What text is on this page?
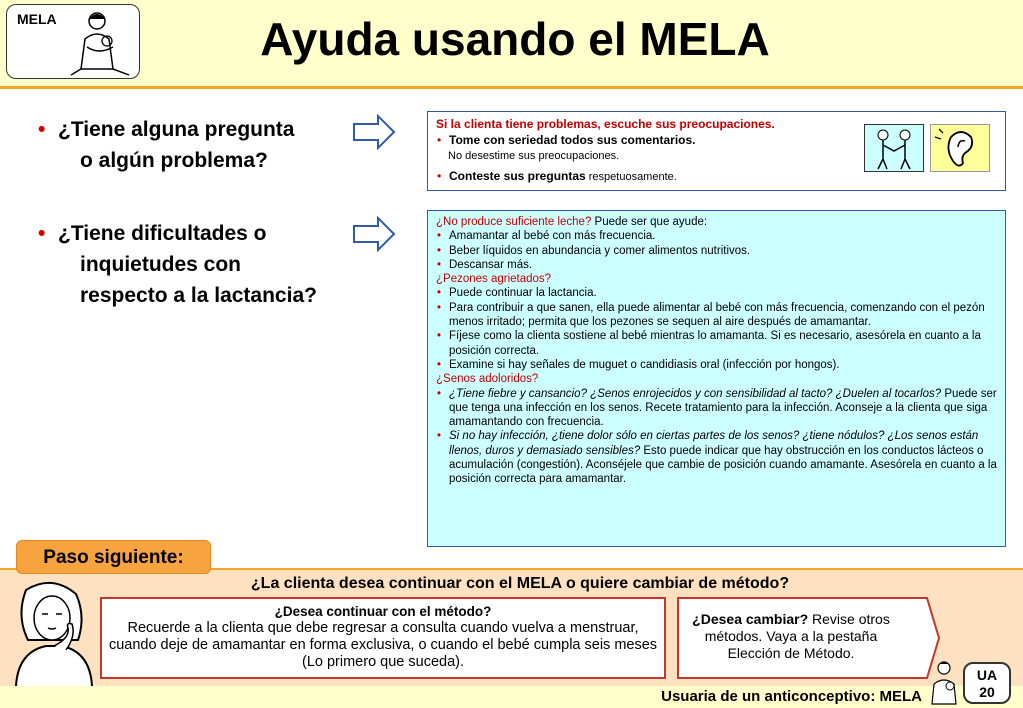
MELA	Ayuda usando el MELA
• ¿Tiene alguna pregunta
o algún problema?
• ¿Tiene dificultades o
inquietudes con
respecto a la lactancia?
Si la clienta tiene problemas, escuche sus preocupaciones.
• Tome con seriedad todos sus comentarios.
No desestime sus preocupaciones.
• Conteste sus preguntas respetuosamente.
¿No produce suficiente leche? Puede ser que ayude:
• Amamantar al bebé con más frecuencia.
• Beber líquidos en abundancia y comer alimentos nutritivos.
• Descansar más.
¿Pezones agrietados?
• Puede continuar la lactancia.
• Para contribuir a que sanen, ella puede alimentar al bebé con más frecuencia, comenzando con el pezón menos irritado; permita que los pezones se sequen al aire después de amamantar.
• Fíjese como la clienta sostiene al bebé mientras lo amamanta. Si es necesario, asesórela en cuanto a la posición correcta.
• Examine si hay señales de muguet o candidiasis oral (infección por hongos).
¿Senos adoloridos?
• ¿Tiene fiebre y cansancio? ¿Senos enrojecidos y con sensibilidad al tacto? ¿Duelen al tocarlos? Puede ser que tenga una infección en los senos. Recete tratamiento para la infección. Aconseje a la clienta que siga amamantando con frecuencia.
• Si no hay infección, ¿tiene dolor sólo en ciertas partes de los senos? ¿tiene nódulos? ¿Los senos están llenos, duros y demasiado sensibles? Esto puede indicar que hay obstrucción en los conductos lácteos o acumulación (congestión). Aconséjele que cambie de posición cuando amamante. Asesórela en cuanto a la posición correcta para amamantar.
Paso siguiente:
¿La clienta desea continuar con el MELA o quiere cambiar de método?
¿Desea continuar con el método?
Recuerde a la clienta que debe regresar a consulta cuando vuelva a menstruar, cuando deje de amamantar en forma exclusiva, o cuando el bebé cumpla seis meses (Lo primero que suceda).
¿Desea cambiar? Revise otros métodos. Vaya a la pestaña Elección de Método.
Usuaria de un anticonceptivo: MELA
UA
20
